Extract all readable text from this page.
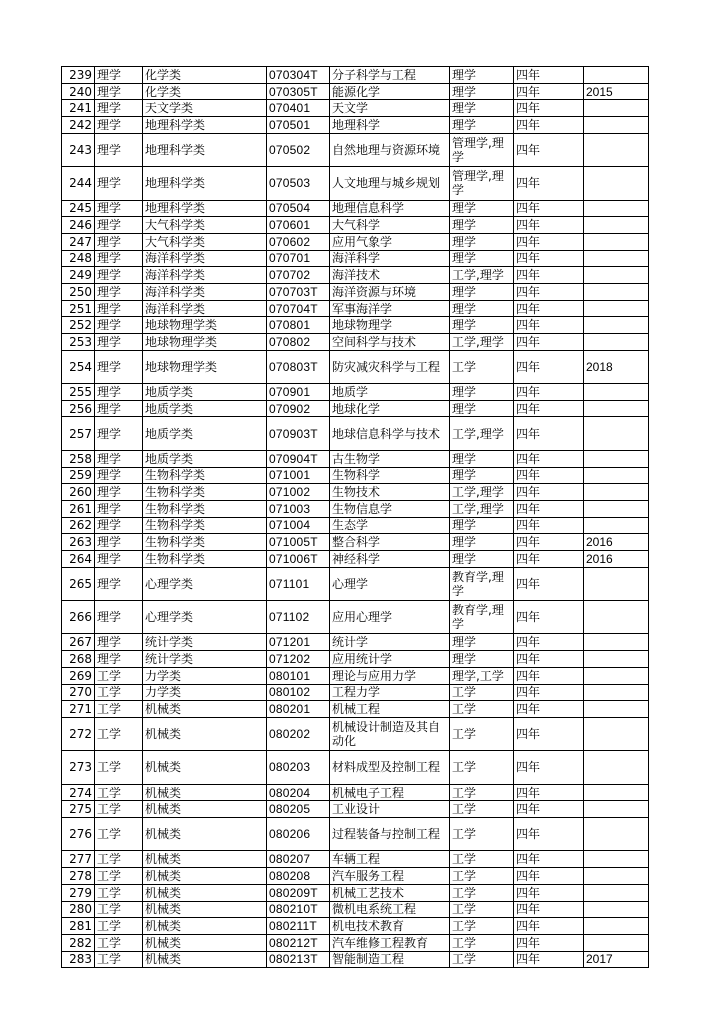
239	理学	化学类	070304T	分子科学与工程	理学	四年	
240	理学	化学类	070305T	能源化学	理学	四年	2015
241	理学	天文学类	070401	天文学	理学	四年	
242	理学	地理科学类	070501	地理科学	理学	四年	
243	理学	地理科学类	070502	自然地理与资源环境	管理学,理学	四年	
244	理学	地理科学类	070503	人文地理与城乡规划	管理学,理学	四年	
245	理学	地理科学类	070504	地理信息科学	理学	四年	
246	理学	大气科学类	070601	大气科学	理学	四年	
247	理学	大气科学类	070602	应用气象学	理学	四年	
248	理学	海洋科学类	070701	海洋科学	理学	四年	
249	理学	海洋科学类	070702	海洋技术	工学,理学	四年	
250	理学	海洋科学类	070703T	海洋资源与环境	理学	四年	
251	理学	海洋科学类	070704T	军事海洋学	理学	四年	
252	理学	地球物理学类	070801	地球物理学	理学	四年	
253	理学	地球物理学类	070802	空间科学与技术	工学,理学	四年	
254	理学	地球物理学类	070803T	防灾减灾科学与工程	工学	四年	2018
255	理学	地质学类	070901	地质学	理学	四年	
256	理学	地质学类	070902	地球化学	理学	四年	
257	理学	地质学类	070903T	地球信息科学与技术	工学,理学	四年	
258	理学	地质学类	070904T	古生物学	理学	四年	
259	理学	生物科学类	071001	生物科学	理学	四年	
260	理学	生物科学类	071002	生物技术	工学,理学	四年	
261	理学	生物科学类	071003	生物信息学	工学,理学	四年	
262	理学	生物科学类	071004	生态学	理学	四年	
263	理学	生物科学类	071005T	整合科学	理学	四年	2016
264	理学	生物科学类	071006T	神经科学	理学	四年	2016
265	理学	心理学类	071101	心理学	教育学,理学	四年	
266	理学	心理学类	071102	应用心理学	教育学,理学	四年	
267	理学	统计学类	071201	统计学	理学	四年	
268	理学	统计学类	071202	应用统计学	理学	四年	
269	工学	力学类	080101	理论与应用力学	理学,工学	四年	
270	工学	力学类	080102	工程力学	工学	四年	
271	工学	机械类	080201	机械工程	工学	四年	
272	工学	机械类	080202	机械设计制造及其自动化	工学	四年	
273	工学	机械类	080203	材料成型及控制工程	工学	四年	
274	工学	机械类	080204	机械电子工程	工学	四年	
275	工学	机械类	080205	工业设计	工学	四年	
276	工学	机械类	080206	过程装备与控制工程	工学	四年	
277	工学	机械类	080207	车辆工程	工学	四年	
278	工学	机械类	080208	汽车服务工程	工学	四年	
279	工学	机械类	080209T	机械工艺技术	工学	四年	
280	工学	机械类	080210T	微机电系统工程	工学	四年	
281	工学	机械类	080211T	机电技术教育	工学	四年	
282	工学	机械类	080212T	汽车维修工程教育	工学	四年	
283	工学	机械类	080213T	智能制造工程	工学	四年	2017
